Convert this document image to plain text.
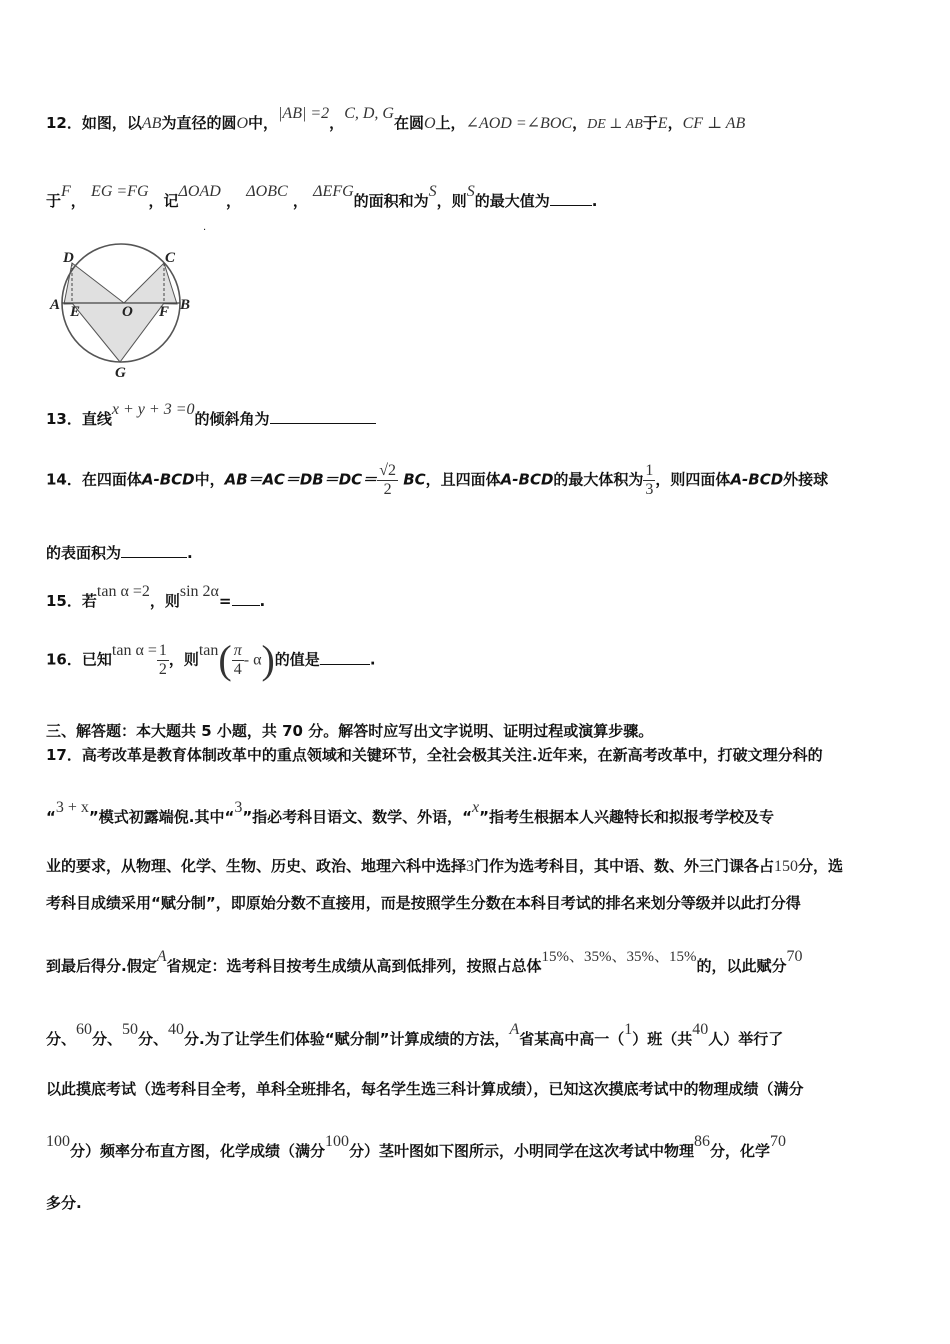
12．如图，以AB为直径的圆O中，|AB| =2，C, D, G在圆O上，∠AOD =∠BOC，DE ⊥ AB于E，CF ⊥ AB
于F， EG =FG，记ΔOAD ， ΔOBC ， ΔEFG的面积和为S，则S的最大值为	.
.
D	C
A E	O F B
G
13．直线x + y + 3 =0的倾斜角为
14．在四面体A-BCD中，$AB=AC=DB=DC= \frac{√2}{2}$ BC，且四面体A-BCD的最大体积为 $\frac{1}{3}$ ，则四面体A-BCD外接球
的表面积为	.
15．若tan α =2，则sin 2α= .
16．已知$\tan \alpha = \frac{1}{2}$ ，则$\tan( \frac{\pi}{4} - \alpha)$的值是	.
三、解答题：本大题共 5 小题，共 70 分。解答时应写出文字说明、证明过程或演算步骤。
17．高考改革是教育体制改革中的重点领域和关键环节，全社会极其关注.近年来，在新高考改革中，打破文理分科的
“3 + x”模式初露端倪.其中“3”指必考科目语文、数学、外语，“x”指考生根据本人兴趣特长和拟报考学校及专
业的要求，从物理、化学、生物、历史、政治、地理六科中选择3门作为选考科目，其中语、数、外三门课各占150分，选
考科目成绩采用“赋分制”，即原始分数不直接用，而是按照学生分数在本科目考试的排名来划分等级并以此打分得
到最后得分.假定A省规定：选考科目按考生成绩从高到低排列，按照占总体15%、35%、35%、15%的，以此赋分70
分、60分、50分、40分.为了让学生们体验“赋分制”计算成绩的方法，A省某高中高一（1）班（共40人）举行了
以此摸底考试（选考科目全考，单科全班排名，每名学生选三科计算成绩），已知这次摸底考试中的物理成绩（满分
100分）频率分布直方图，化学成绩（满分100分）茎叶图如下图所示，小明同学在这次考试中物理86分，化学70
多分.
